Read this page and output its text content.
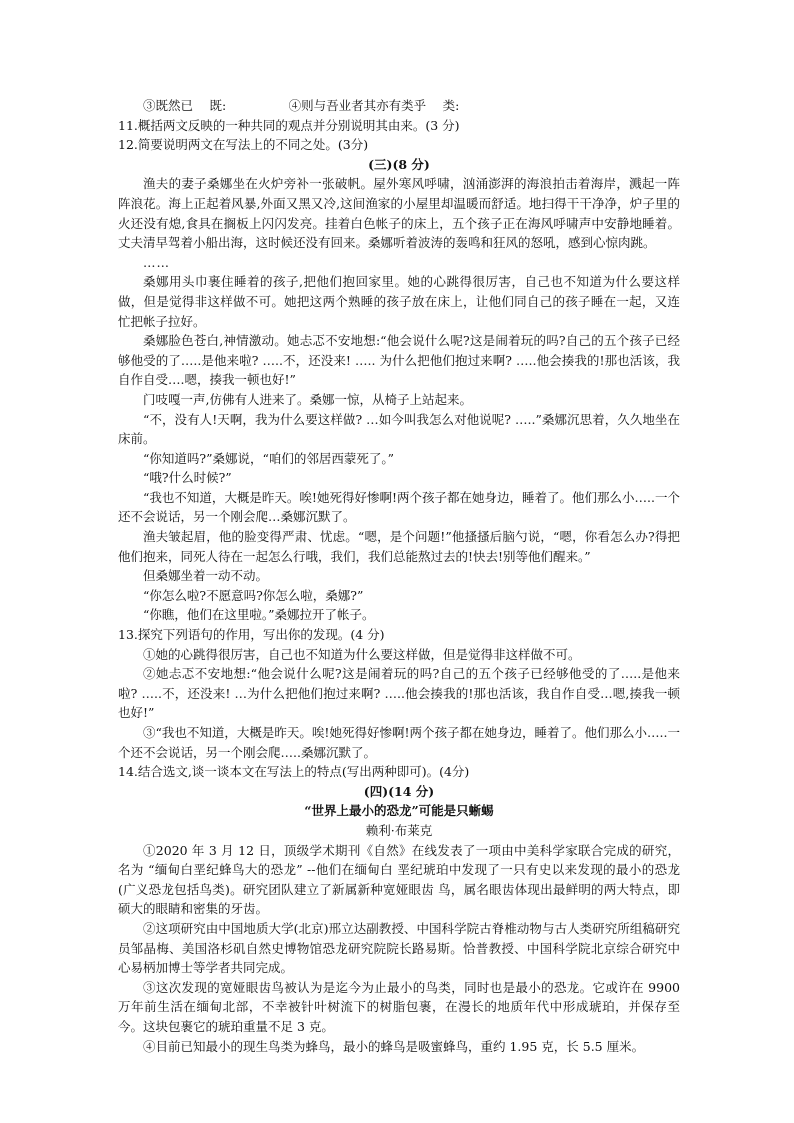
③既然已　 既:　　　　　④则与吾业者其亦有类乎　 类:

11.概括两文反映的一种共同的观点并分别说明其由来。(3 分)

12.简要说明两文在写法上的不同之处。(3分)

(三)(8 分)

渔夫的妻子桑娜坐在火炉旁补一张破帆。屋外寒风呼啸，汹涌澎湃的海浪拍击着海岸，溅起一阵阵浪花。海上正起着风暴,外面又黑又冷,这间渔家的小屋里却温暖而舒适。地扫得干干净净，炉子里的火还没有熄,食具在搁板上闪闪发亮。挂着白色帐子的床上，五个孩子正在海风呼啸声中安静地睡着。丈夫清早驾着小船出海，这时候还没有回来。桑娜听着波涛的轰鸣和狂风的怒吼，感到心惊肉跳。

……

桑娜用头巾裹住睡着的孩子,把他们抱回家里。她的心跳得很厉害，自己也不知道为什么要这样做，但是觉得非这样做不可。她把这两个熟睡的孩子放在床上，让他们同自己的孩子睡在一起，又连忙把帐子拉好。

桑娜脸色苍白,神情激动。她忐忑不安地想:“他会说什么呢?这是闹着玩的吗?自己的五个孩子已经够他受的了…..是他来啦? …..不，还没来! ….. 为什么把他们抱过来啊? …..他会揍我的!那也活该，我自作自受….嗯，揍我一顿也好!”

门吱嘎一声,仿佛有人进来了。桑娜一惊，从椅子上站起来。

“不，没有人!天啊，我为什么要这样做? …如今叫我怎么对他说呢? …..”桑娜沉思着，久久地坐在床前。

“你知道吗?”桑娜说，“咱们的邻居西蒙死了。”

“哦?什么时候?”

“我也不知道，大概是昨天。唉!她死得好惨啊!两个孩子都在她身边，睡着了。他们那么小…..一个还不会说话，另一个刚会爬…桑娜沉默了。

渔夫皱起眉，他的脸变得严肃、忧虑。“嗯，是个问题!”他搔搔后脑勺说，“嗯，你看怎么办?得把他们抱来，同死人待在一起怎么行哦，我们，我们总能熬过去的!快去!别等他们醒来。”

但桑娜坐着一动不动。

“你怎么啦?不愿意吗?你怎么啦，桑娜?”

“你瞧，他们在这里啦。”桑娜拉开了帐子。

13.探究下列语句的作用，写出你的发现。(4 分)

①她的心跳得很厉害，自己也不知道为什么要这样做，但是觉得非这样做不可。

②她忐忑不安地想:“他会说什么呢?这是闹着玩的吗?自己的五个孩子已经够他受的了…..是他来啦? …..不，还没来! …为什么把他们抱过来啊? …..他会揍我的!那也活该，我自作自受…嗯,揍我一顿也好!”

③“我也不知道，大概是昨天。唉!她死得好惨啊!两个孩子都在她身边，睡着了。他们那么小…..一个还不会说话，另一个刚会爬…..桑娜沉默了。

14.结合选文,谈一谈本文在写法上的特点(写出两种即可)。(4分)

(四)(14 分)

“世界上最小的恐龙”可能是只蜥蜴

赖利·布莱克

①2020 年 3 月 12 日，顶级学术期刊《自然》在线发表了一项由中美科学家联合完成的研究，名为 “缅甸白垩纪蜂鸟大的恐龙” --他们在缅甸白 垩纪琥珀中发现了一只有史以来发现的最小的恐龙(广义恐龙包括鸟类)。研究团队建立了新属新种宽娅眼齿 鸟，属名眼齿体现出最鲜明的两大特点，即硕大的眼睛和密集的牙齿。

②这项研究由中国地质大学(北京)邢立达副教授、中国科学院古脊椎动物与古人类研究所组稿研究员邹晶梅、美国洛杉矶自然史博物馆恐龙研究院院长路易斯。恰普教授、中国科学院北京综合研究中心易柄加博士等学者共同完成。

③这次发现的宽娅眼齿鸟被认为是迄今为止最小的鸟类，同时也是最小的恐龙。它或许在 9900 万年前生活在缅甸北部，不幸被针叶树流下的树脂包裹，在漫长的地质年代中形成琥珀，并保存至今。这块包裹它的琥珀重量不足 3 克。

④目前已知最小的现生鸟类为蜂鸟，最小的蜂鸟是吸蜜蜂鸟，重约 1.95 克，长 5.5 厘米。
